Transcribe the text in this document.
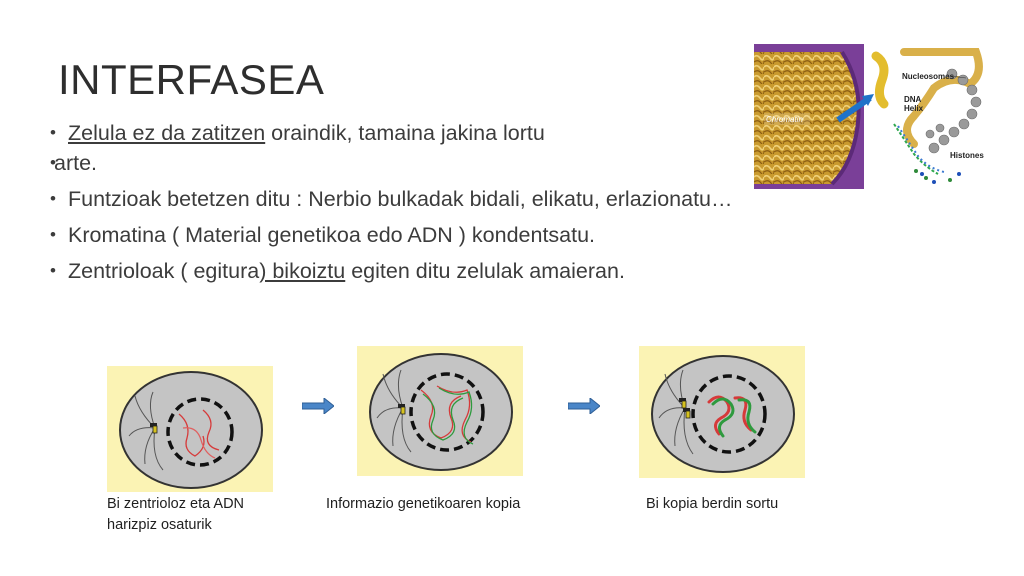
INTERFASEA
• Zelula ez da zatitzen oraindik, tamaina jakina lortu
• arte.
• Funtzioak betetzen ditu : Nerbio bulkadak bidali, elikatu, erlazionatu…
• Kromatina ( Material genetikoa edo ADN ) kondentsatu.
• Zentrioloak ( egitura) bikoiztu egiten ditu zelulak amaieran.
Chromatin
Nucleosomes
DNA
Helix
Histones
Bi zentrioloz eta ADN harizpiz osaturik
Informazio genetikoaren kopia	Bi kopia berdin sortu
